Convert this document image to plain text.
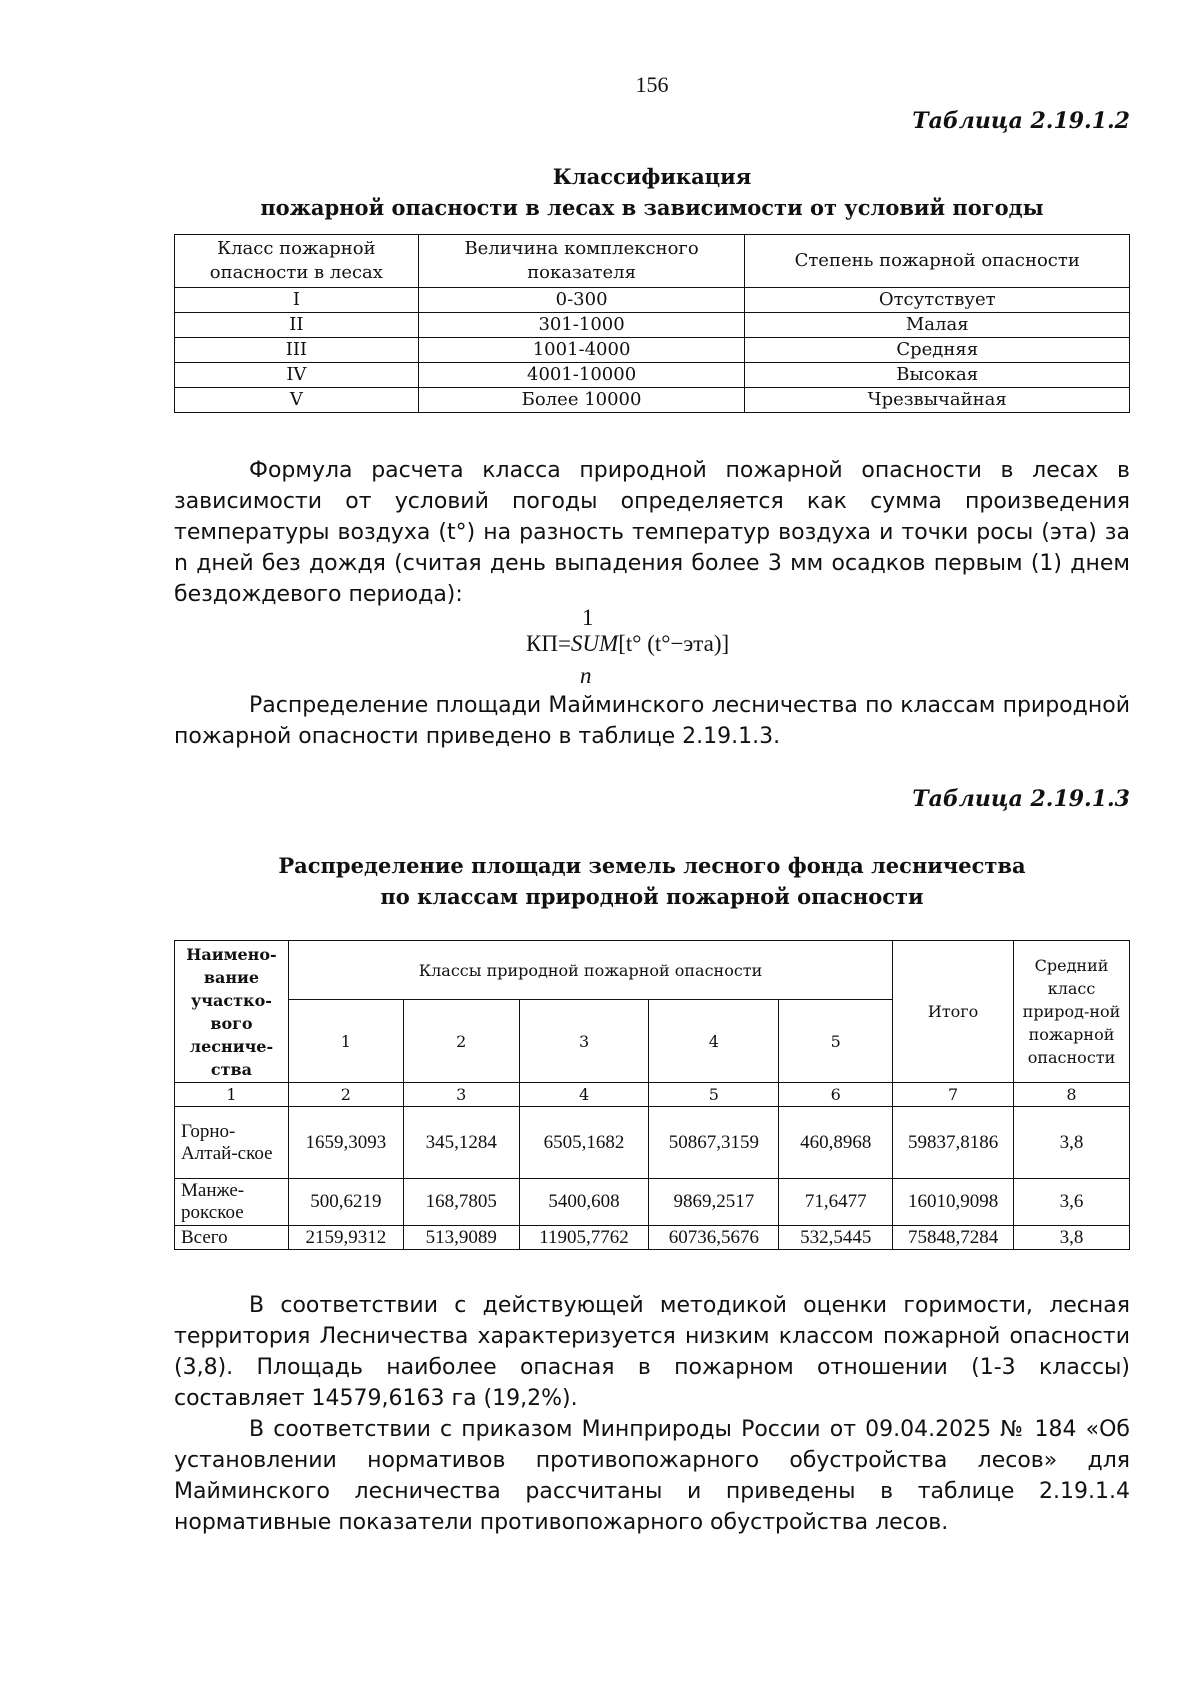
156
Таблица 2.19.1.2
Классификация
пожарной опасности в лесах в зависимости от условий погоды
Класс пожарной опасности в лесах	Величина комплексного показателя	Степень пожарной опасности
I	0-300	Отсутствует
II	301-1000	Малая
III	1001-4000	Средняя
IV	4001-10000	Высокая
V	Более 10000	Чрезвычайная

Формула расчета класса природной пожарной опасности в лесах в зависимости от условий погоды определяется как сумма произведения температуры воздуха (t°) на разность температур воздуха и точки росы (эта) за n дней без дождя (считая день выпадения более 3 мм осадков первым (1) днем бездождевого периода):

1
КП=SUM[t° (t°−эта)]
n

Распределение площади Майминского лесничества по классам природной пожарной опасности приведено в таблице 2.19.1.3.

Таблица 2.19.1.3
Распределение площади земель лесного фонда лесничества
по классам природной пожарной опасности
Наимено-вание участко-вого лесниче-ства	Классы природной пожарной опасности					Итого	Средний класс природ-ной пожарной опасности
	1	2	3	4	5		
1	2	3	4	5	6	7	8
Горно-Алтай-ское	1659,3093	345,1284	6505,1682	50867,3159	460,8968	59837,8186	3,8
Манже-рокское	500,6219	168,7805	5400,608	9869,2517	71,6477	16010,9098	3,6
Всего	2159,9312	513,9089	11905,7762	60736,5676	532,5445	75848,7284	3,8

В соответствии с действующей методикой оценки горимости, лесная территория Лесничества характеризуется низким классом пожарной опасности (3,8). Площадь наиболее опасная в пожарном отношении (1-3 классы) составляет 14579,6163 га (19,2%).

В соответствии с приказом Минприроды России от 09.04.2025 № 184 «Об установлении нормативов противопожарного обустройства лесов» для Майминского лесничества рассчитаны и приведены в таблице 2.19.1.4 нормативные показатели противопожарного обустройства лесов.
